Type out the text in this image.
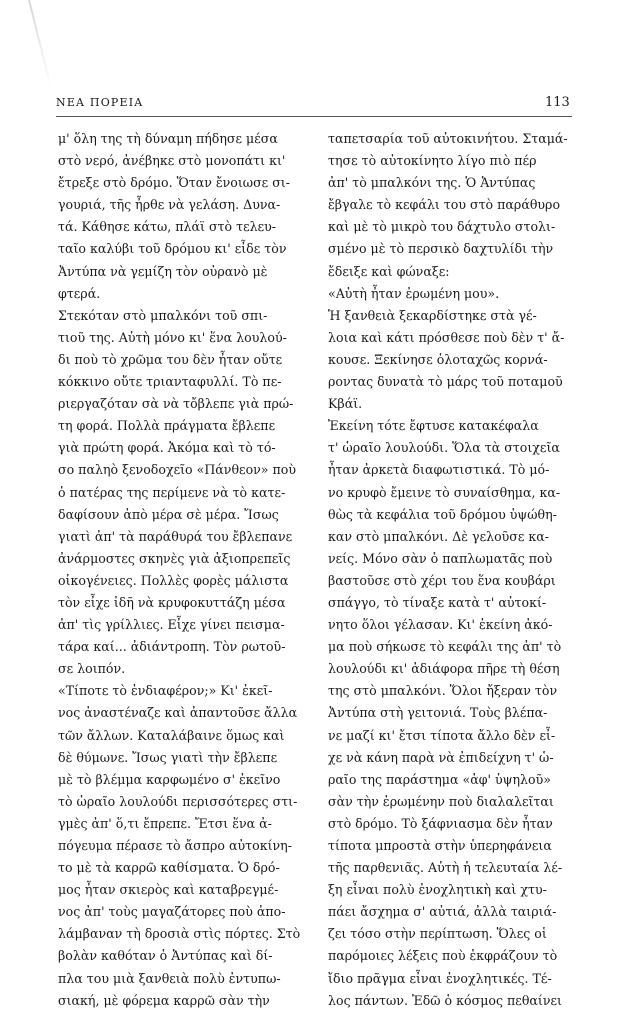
ΝΕΑ ΠΟΡΕΙΑ	113
μ' ὅλη της τὴ δύναμη πήδησε μέσα
στὸ νερό, ἀνέβηκε στὸ μονοπάτι κι'
ἔτρεξε στὸ δρόμο. Ὅταν ἔνοιωσε σι-
γουριά, τῆς ἦρθε νὰ γελάση. Δυνα-
τά. Κάθησε κάτω, πλάϊ στὸ τελευ-
ταῖο καλύβι τοῦ δρόμου κι' εἶδε τὸν
Ἀντύπα νὰ γεμίζη τὸν οὐρανὸ μὲ
φτερά.
Στεκόταν στὸ μπαλκόνι τοῦ σπι-
τιοῦ της. Αὐτὴ μόνο κι' ἕνα λουλού-
δι ποὺ τὸ χρῶμα του δὲν ἦταν οὔτε
κόκκινο οὔτε τριανταφυλλί. Τὸ πε-
ριεργαζόταν σὰ νὰ τὄβλεπε γιὰ πρώ-
τη φορά. Πολλὰ πράγματα ἔβλεπε
γιὰ πρώτη φορά. Ἀκόμα καὶ τὸ τό-
σο παληὸ ξενοδοχεῖο «Πάνθεον» ποὺ
ὁ πατέρας της περίμενε νὰ τὸ κατε-
δαφίσουν ἀπὸ μέρα σὲ μέρα. Ἴσως
γιατὶ ἀπ' τὰ παράθυρά του ἔβλεπανε
ἀνάρμοστες σκηνὲς γιὰ ἀξιοπρεπεῖς
οἰκογένειες. Πολλὲς φορὲς μάλιστα
τὸν εἶχε ἰδῆ νὰ κρυφοκυττάζη μέσα
ἀπ' τὶς γρίλλιες. Εἶχε γίνει πεισμα-
τάρα καί... ἀδιάντροπη. Τὸν ρωτοῦ-
σε λοιπόν.
«Τίποτε τὸ ἐνδιαφέρον;» Κι' ἐκεῖ-
νος ἀναστέναζε καὶ ἀπαντοῦσε ἄλλα
τῶν ἄλλων. Καταλάβαινε ὅμως καὶ
δὲ θύμωνε. Ἴσως γιατὶ τὴν ἔβλεπε
μὲ τὸ βλέμμα καρφωμένο σ' ἐκεῖνο
τὸ ὡραῖο λουλούδι περισσότερες στι-
γμὲς ἀπ' ὅ,τι ἔπρεπε. Ἔτσι ἕνα ἀ-
πόγευμα πέρασε τὸ ἄσπρο αὐτοκίνη-
το μὲ τὰ καρρῶ καθίσματα. Ὁ δρό-
μος ἦταν σκιερὸς καὶ καταβρεγμέ-
νος ἀπ' τοὺς μαγαζάτορες ποὺ ἀπο-
λάμβαναν τὴ δροσιὰ στὶς πόρτες. Στὸ
βολὰν καθόταν ὁ Ἀντύπας καὶ δί-
πλα του μιὰ ξανθειὰ πολὺ ἐντυπω-
σιακή, μὲ φόρεμα καρρῶ σὰν τὴν
ταπετσαρία τοῦ αὐτοκινήτου. Σταμά-
τησε τὸ αὐτοκίνητο λίγο πιὸ πέρ
ἀπ' τὸ μπαλκόνι της. Ὁ Ἀντύπας
ἔβγαλε τὸ κεφάλι του στὸ παράθυρο
καὶ μὲ τὸ μικρὸ του δάχτυλο στολι-
σμένο μὲ τὸ περσικὸ δαχτυλίδι τὴν
ἔδειξε καὶ φώναξε:
«Αὐτὴ ἦταν ἐρωμένη μου».
Ἡ ξανθειὰ ξεκαρδίστηκε στὰ γέ-
λοια καὶ κάτι πρόσθεσε ποὺ δὲν τ' ἄ-
κουσε. Ξεκίνησε ὁλοταχῶς κορνά-
ροντας δυνατὰ τὸ μάρς τοῦ ποταμοῦ
Κβάϊ.
Ἐκείνη τότε ἔφτυσε κατακέφαλα
τ' ὡραῖο λουλούδι. Ὅλα τὰ στοιχεῖα
ἦταν ἀρκετὰ διαφωτιστικά. Τὸ μό-
νο κρυφὸ ἔμεινε τὸ συναίσθημα, κα-
θὼς τὰ κεφάλια τοῦ δρόμου ὑψώθη-
καν στὸ μπαλκόνι. Δὲ γελοῦσε κα-
νείς. Μόνο σὰν ὁ παπλωματᾶς ποὺ
βαστοῦσε στὸ χέρι του ἕνα κουβάρι
σπάγγο, τὸ τίναξε κατὰ τ' αὐτοκί-
νητο ὅλοι γέλασαν. Κι' ἐκείνη ἀκό-
μα ποὺ σήκωσε τὸ κεφάλι της ἀπ' τὸ
λουλούδι κι' ἀδιάφορα πῆρε τὴ θέση
της στὸ μπαλκόνι. Ὅλοι ἤξεραν τὸν
Ἀντύπα στὴ γειτονιά. Τοὺς βλέπα-
νε μαζί κι' ἔτσι τίποτα ἄλλο δὲν εἶ-
χε νὰ κάνη παρὰ νὰ ἐπιδείχνη τ' ὡ-
ραῖο της παράστημα «ἀφ' ὑψηλοῦ»
σὰν τὴν ἐρωμένην ποὺ διαλαλεῖται
στὸ δρόμο. Τὸ ξάφνιασμα δὲν ἦταν
τίποτα μπροστὰ στὴν ὑπερηφάνεια
τῆς παρθενιᾶς. Αὐτὴ ἡ τελευταία λέ-
ξη εἶναι πολὺ ἐνοχλητικὴ καὶ χτυ-
πάει ἄσχημα σ' αὐτιά, ἀλλὰ ταιριά-
ζει τόσο στὴν περίπτωση. Ὅλες οἱ
παρόμοιες λέξεις ποὺ ἐκφράζουν τὸ
ἴδιο πρᾶγμα εἶναι ἐνοχλητικές. Τέ-
λος πάντων. Ἐδῶ ὁ κόσμος πεθαίνει
